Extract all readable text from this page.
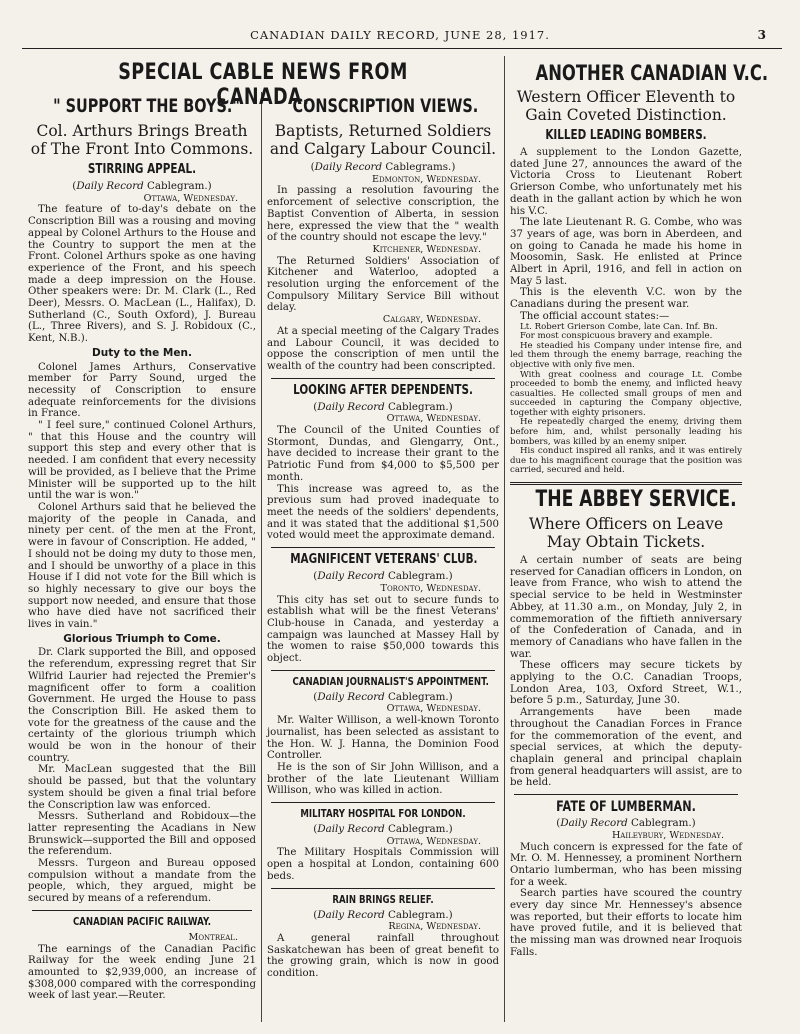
CANADIAN DAILY RECORD, JUNE 28, 1917.	3
SPECIAL CABLE NEWS FROM CANADA.
" SUPPORT THE BOYS."
Col. Arthurs Brings Breath of The Front Into Commons.
STIRRING APPEAL.
(Daily Record Cablegram.)
Ottawa, Wednesday.

The feature of to-day's debate on the Conscription Bill was a rousing and moving appeal by Colonel Arthurs to the House and the Country to support the men at the Front. Colonel Arthurs spoke as one having experience of the Front, and his speech made a deep impression on the House. Other speakers were: Dr. M. Clark (L., Red Deer), Messrs. O. MacLean (L., Halifax), D. Sutherland (C., South Oxford), J. Bureau (L., Three Rivers), and S. J. Robidoux (C., Kent, N.B.).

Duty to the Men.

Colonel James Arthurs, Conservative member for Parry Sound, urged the necessity of Conscription to ensure adequate reinforcements for the divisions in France.

" I feel sure," continued Colonel Arthurs, " that this House and the country will support this step and every other that is needed. I am confident that every necessity will be provided, as I believe that the Prime Minister will be supported up to the hilt until the war is won."

Colonel Arthurs said that he believed the majority of the people in Canada, and ninety per cent. of the men at the Front, were in favour of Conscription. He added, " I should not be doing my duty to those men, and I should be unworthy of a place in this House if I did not vote for the Bill which is so highly necessary to give our boys the support now needed, and ensure that those who have died have not sacrificed their lives in vain."

Glorious Triumph to Come.

Dr. Clark supported the Bill, and opposed the referendum, expressing regret that Sir Wilfrid Laurier had rejected the Premier's magnificent offer to form a coalition Government. He urged the House to pass the Conscription Bill. He asked them to vote for the greatness of the cause and the certainty of the glorious triumph which would be won in the honour of their country.

Mr. MacLean suggested that the Bill should be passed, but that the voluntary system should be given a final trial before the Conscription law was enforced.

Messrs. Sutherland and Robidoux—the latter representing the Acadians in New Brunswick—supported the Bill and opposed the referendum.

Messrs. Turgeon and Bureau opposed compulsion without a mandate from the people, which, they argued, might be secured by means of a referendum.

CANADIAN PACIFIC RAILWAY.
Montreal.

The earnings of the Canadian Pacific Railway for the week ending June 21 amounted to $2,939,000, an increase of $308,000 compared with the corresponding week of last year.—Reuter.

CONSCRIPTION VIEWS.
Baptists, Returned Soldiers and Calgary Labour Council.
(Daily Record Cablegrams.)
Edmonton, Wednesday.

In passing a resolution favouring the enforcement of selective conscription, the Baptist Convention of Alberta, in session here, expressed the view that the " wealth of the country should not escape the levy."

Kitchener, Wednesday.

The Returned Soldiers' Association of Kitchener and Waterloo, adopted a resolution urging the enforcement of the Compulsory Military Service Bill without delay.

Calgary, Wednesday.

At a special meeting of the Calgary Trades and Labour Council, it was decided to oppose the conscription of men until the wealth of the country had been conscripted.

LOOKING AFTER DEPENDENTS.
(Daily Record Cablegram.)
Ottawa, Wednesday.

The Council of the United Counties of Stormont, Dundas, and Glengarry, Ont., have decided to increase their grant to the Patriotic Fund from $4,000 to $5,500 per month.

This increase was agreed to, as the previous sum had proved inadequate to meet the needs of the soldiers' dependents, and it was stated that the additional $1,500 voted would meet the approximate demand.

MAGNIFICENT VETERANS' CLUB.
(Daily Record Cablegram.)
Toronto, Wednesday.

This city has set out to secure funds to establish what will be the finest Veterans' Club-house in Canada, and yesterday a campaign was launched at Massey Hall by the women to raise $50,000 towards this object.

CANADIAN JOURNALIST'S APPOINTMENT.
(Daily Record Cablegram.)
Ottawa, Wednesday.

Mr. Walter Willison, a well-known Toronto journalist, has been selected as assistant to the Hon. W. J. Hanna, the Dominion Food Controller.

He is the son of Sir John Willison, and a brother of the late Lieutenant William Willison, who was killed in action.

MILITARY HOSPITAL FOR LONDON.
(Daily Record Cablegram.)
Ottawa, Wednesday.

The Military Hospitals Commission will open a hospital at London, containing 600 beds.

RAIN BRINGS RELIEF.
(Daily Record Cablegram.)
Regina, Wednesday.

A general rainfall throughout Saskatchewan has been of great benefit to the growing grain, which is now in good condition.

ANOTHER CANADIAN V.C.
Western Officer Eleventh to Gain Coveted Distinction.
KILLED LEADING BOMBERS.

A supplement to the London Gazette, dated June 27, announces the award of the Victoria Cross to Lieutenant Robert Grierson Combe, who unfortunately met his death in the gallant action by which he won his V.C.

The late Lieutenant R. G. Combe, who was 37 years of age, was born in Aberdeen, and on going to Canada he made his home in Moosomin, Sask. He enlisted at Prince Albert in April, 1916, and fell in action on May 5 last.

This is the eleventh V.C. won by the Canadians during the present war.

The official account states:—

Lt. Robert Grierson Combe, late Can. Inf. Bn.

For most conspicuous bravery and example.

He steadied his Company under intense fire, and led them through the enemy barrage, reaching the objective with only five men.

With great coolness and courage Lt. Combe proceeded to bomb the enemy, and inflicted heavy casualties. He collected small groups of men and succeeded in capturing the Company objective, together with eighty prisoners.

He repeatedly charged the enemy, driving them before him, and, whilst personally leading his bombers, was killed by an enemy sniper.

His conduct inspired all ranks, and it was entirely due to his magnificent courage that the position was carried, secured and held.

THE ABBEY SERVICE.
Where Officers on Leave May Obtain Tickets.

A certain number of seats are being reserved for Canadian officers in London, on leave from France, who wish to attend the special service to be held in Westminster Abbey, at 11.30 a.m., on Monday, July 2, in commemoration of the fiftieth anniversary of the Confederation of Canada, and in memory of Canadians who have fallen in the war.

These officers may secure tickets by applying to the O.C. Canadian Troops, London Area, 103, Oxford Street, W.1., before 5 p.m., Saturday, June 30.

Arrangements have been made throughout the Canadian Forces in France for the commemoration of the event, and special services, at which the deputy-chaplain general and principal chaplain from general headquarters will assist, are to be held.

FATE OF LUMBERMAN.
(Daily Record Cablegram.)
Haileybury, Wednesday.

Much concern is expressed for the fate of Mr. O. M. Hennessey, a prominent Northern Ontario lumberman, who has been missing for a week.

Search parties have scoured the country every day since Mr. Hennessey's absence was reported, but their efforts to locate him have proved futile, and it is believed that the missing man was drowned near Iroquois Falls.
